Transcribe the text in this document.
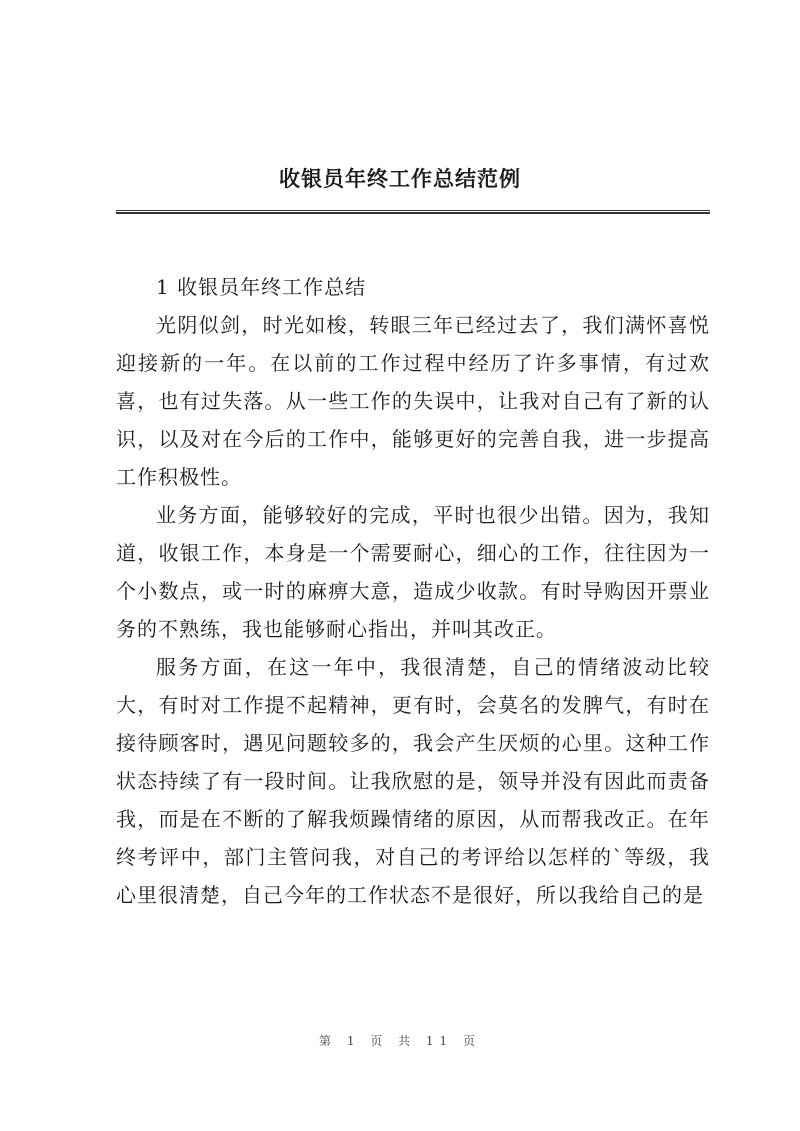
收银员年终工作总结范例

1 收银员年终工作总结

光阴似剑，时光如梭，转眼三年已经过去了，我们满怀喜悦迎接新的一年。在以前的工作过程中经历了许多事情，有过欢喜，也有过失落。从一些工作的失误中，让我对自己有了新的认识，以及对在今后的工作中，能够更好的完善自我，进一步提高工作积极性。

业务方面，能够较好的完成，平时也很少出错。因为，我知道，收银工作，本身是一个需要耐心，细心的工作，往往因为一个小数点，或一时的麻痹大意，造成少收款。有时导购因开票业务的不熟练，我也能够耐心指出，并叫其改正。

服务方面，在这一年中，我很清楚，自己的情绪波动比较大，有时对工作提不起精神，更有时，会莫名的发脾气，有时在接待顾客时，遇见问题较多的，我会产生厌烦的心里。这种工作状态持续了有一段时间。让我欣慰的是，领导并没有因此而责备我，而是在不断的了解我烦躁情绪的原因，从而帮我改正。在年终考评中，部门主管问我，对自己的考评给以怎样的`等级，我心里很清楚，自己今年的工作状态不是很好，所以我给自己的是

第 1 页 共 11 页
